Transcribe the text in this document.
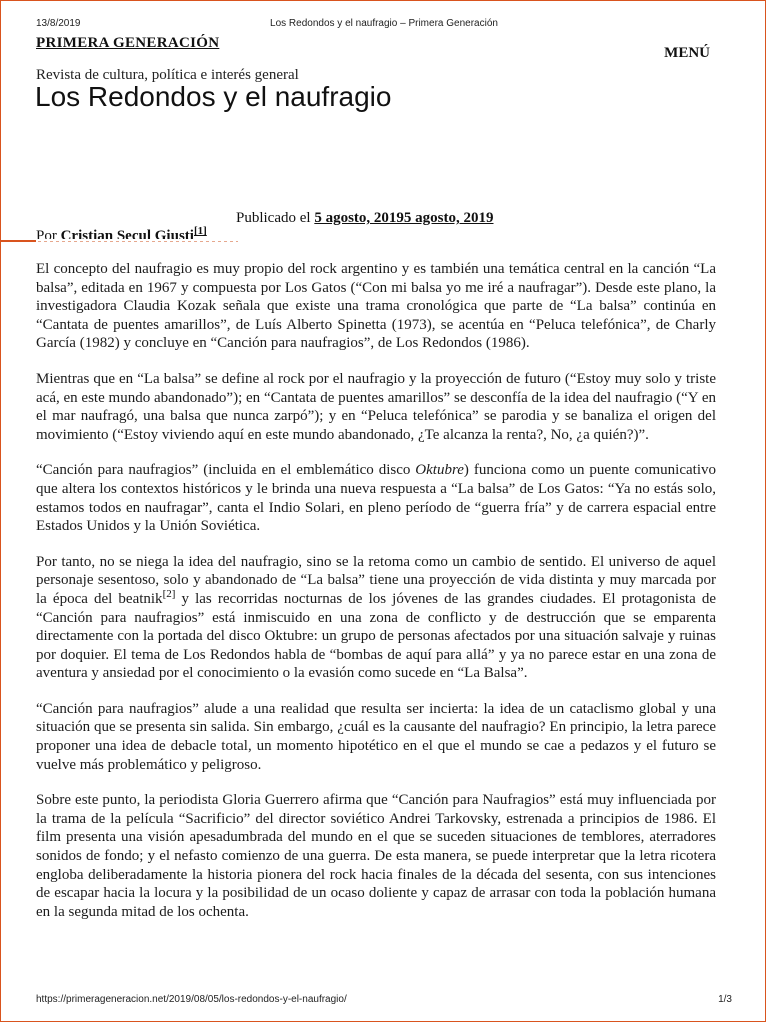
Los Redondos y el naufragio – Primera Generación
13/8/2019
PRIMERA GENERACIÓN
MENÚ
Revista de cultura, política e interés general
Los Redondos y el naufragio
Publicado el 5 agosto, 20195 agosto, 2019
Por Cristian Secul Giusti[1]

El concepto del naufragio es muy propio del rock argentino y es también una temática central en la canción “La balsa”, editada en 1967 y compuesta por Los Gatos (“Con mi balsa yo me iré a naufragar”). Desde este plano, la investigadora Claudia Kozak señala que existe una trama cronológica que parte de “La balsa” continúa en “Cantata de puentes amarillos”, de Luís Alberto Spinetta (1973), se acentúa en “Peluca telefónica”, de Charly García (1982) y concluye en “Canción para naufragios”, de Los Redondos (1986).

Mientras que en “La balsa” se define al rock por el naufragio y la proyección de futuro (“Estoy muy solo y triste acá, en este mundo abandonado”); en “Cantata de puentes amarillos” se desconfía de la idea del naufragio (“Y en el mar naufragó, una balsa que nunca zarpó”); y en “Peluca telefónica” se parodia y se banaliza el origen del movimiento (“Estoy viviendo aquí en este mundo abandonado, ¿Te alcanza la renta?, No, ¿a quién?)”.

“Canción para naufragios” (incluida en el emblemático disco Oktubre) funciona como un puente comunicativo que altera los contextos históricos y le brinda una nueva respuesta a “La balsa” de Los Gatos: “Ya no estás solo, estamos todos en naufragar”, canta el Indio Solari, en pleno período de “guerra fría” y de carrera espacial entre Estados Unidos y la Unión Soviética.

Por tanto, no se niega la idea del naufragio, sino se la retoma como un cambio de sentido. El universo de aquel personaje sesentoso, solo y abandonado de “La balsa” tiene una proyección de vida distinta y muy marcada por la época del beatnik[2] y las recorridas nocturnas de los jóvenes de las grandes ciudades. El protagonista de “Canción para naufragios” está inmiscuido en una zona de conflicto y de destrucción que se emparenta directamente con la portada del disco Oktubre: un grupo de personas afectados por una situación salvaje y ruinas por doquier. El tema de Los Redondos habla de “bombas de aquí para allá” y ya no parece estar en una zona de aventura y ansiedad por el conocimiento o la evasión como sucede en “La Balsa”.

“Canción para naufragios” alude a una realidad que resulta ser incierta: la idea de un cataclismo global y una situación que se presenta sin salida. Sin embargo, ¿cuál es la causante del naufragio? En principio, la letra parece proponer una idea de debacle total, un momento hipotético en el que el mundo se cae a pedazos y el futuro se vuelve más problemático y peligroso.

Sobre este punto, la periodista Gloria Guerrero afirma que “Canción para Naufragios” está muy influenciada por la trama de la película “Sacrificio” del director soviético Andrei Tarkovsky, estrenada a principios de 1986. El film presenta una visión apesadumbrada del mundo en el que se suceden situaciones de temblores, aterradores sonidos de fondo; y el nefasto comienzo de una guerra. De esta manera, se puede interpretar que la letra ricotera engloba deliberadamente la historia pionera del rock hacia finales de la década del sesenta, con sus intenciones de escapar hacia la locura y la posibilidad de un ocaso doliente y capaz de arrasar con toda la población humana en la segunda mitad de los ochenta.

https://primerageneracion.net/2019/08/05/los-redondos-y-el-naufragio/	1/3
